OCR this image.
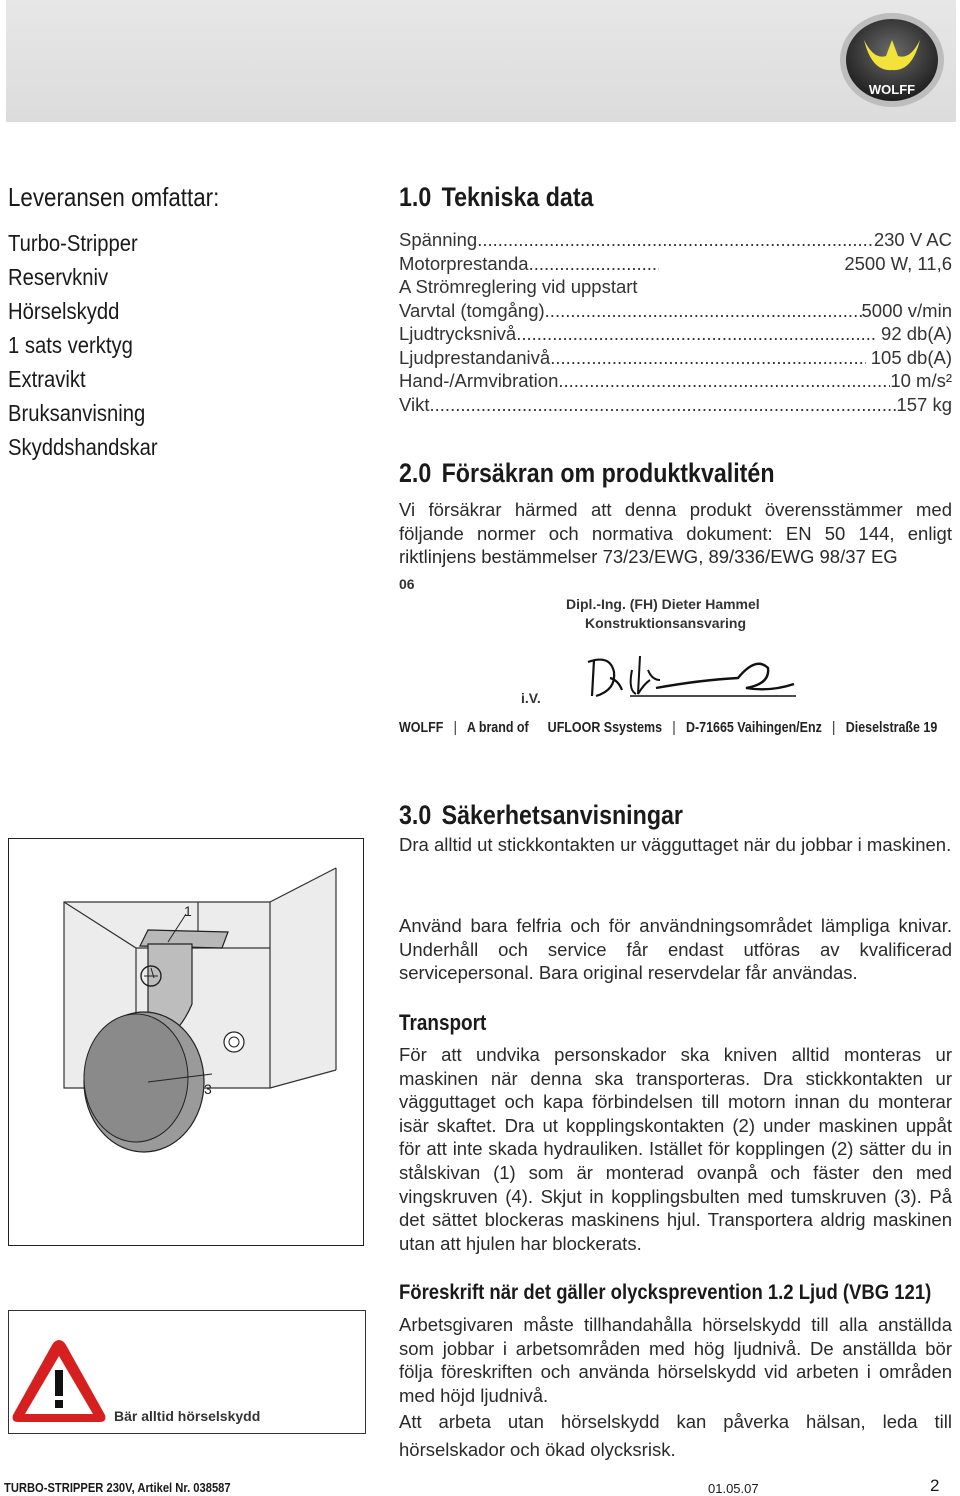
WOLFF
Leveransen omfattar:
Turbo-Stripper
Reservkniv
Hörselskydd
1 sats verktyg
Extravikt
Bruksanvisning
Skyddshandskar
1.0 Tekniska data
Spänning .....	230 V AC
Motorprestanda .....	2500 W, 11,6
A Strömreglering vid uppstart
Varvtal (tomgång) .....	5000 v/min
Ljudtrycksnivå .....	92 db(A)
Ljudprestandanivå .....	105 db(A)
Hand-/Armvibration .....	10 m/s²
Vikt .....	157 kg
2.0 Försäkran om produktkvalitén
Vi försäkrar härmed att denna produkt överensstämmer med följande normer och normativa dokument: EN 50 144, enligt riktlinjens bestämmelser 73/23/EWG, 89/336/EWG 98/37 EG
06
Dipl.-Ing. (FH) Dieter Hammel
Konstruktionsansvaring
i.V.
WOLFF | A brand of UFLOOR Ssystems | D-71665 Vaihingen/Enz | Dieselstraße 19
3.0 Säkerhetsanvisningar
Dra alltid ut stickkontakten ur vägguttaget när du jobbar i maskinen.
Använd bara felfria och för användningsområdet lämpliga knivar. Underhåll och service får endast utföras av kvalificerad servicepersonal. Bara original reservdelar får användas.
Transport
För att undvika personskador ska kniven alltid monteras ur maskinen när denna ska transporteras. Dra stickkontakten ur vägguttaget och kapa förbindelsen till motorn innan du monterar isär skaftet. Dra ut kopplingskontakten (2) under maskinen uppåt för att inte skada hydrauliken. Istället för kopplingen (2) sätter du in stålskivan (1) som är monterad ovanpå och fäster den med vingskruven (4). Skjut in kopplingsbulten med tumskruven (3). På det sättet blockeras maskinens hjul. Transportera aldrig maskinen utan att hjulen har blockerats.
Föreskrift när det gäller olycksprevention 1.2 Ljud (VBG 121)
Arbetsgivaren måste tillhandahålla hörselskydd till alla anställda som jobbar i arbetsområden med hög ljudnivå. De anställda bör följa föreskriften och använda hörselskydd vid arbeten i områden med höjd ljudnivå.
Att arbeta utan hörselskydd kan påverka hälsan, leda till hörselskador och ökad olycksrisk.
1
3
Bär alltid hörselskydd
TURBO-STRIPPER 230V, Artikel Nr. 038587	01.05.07	2
